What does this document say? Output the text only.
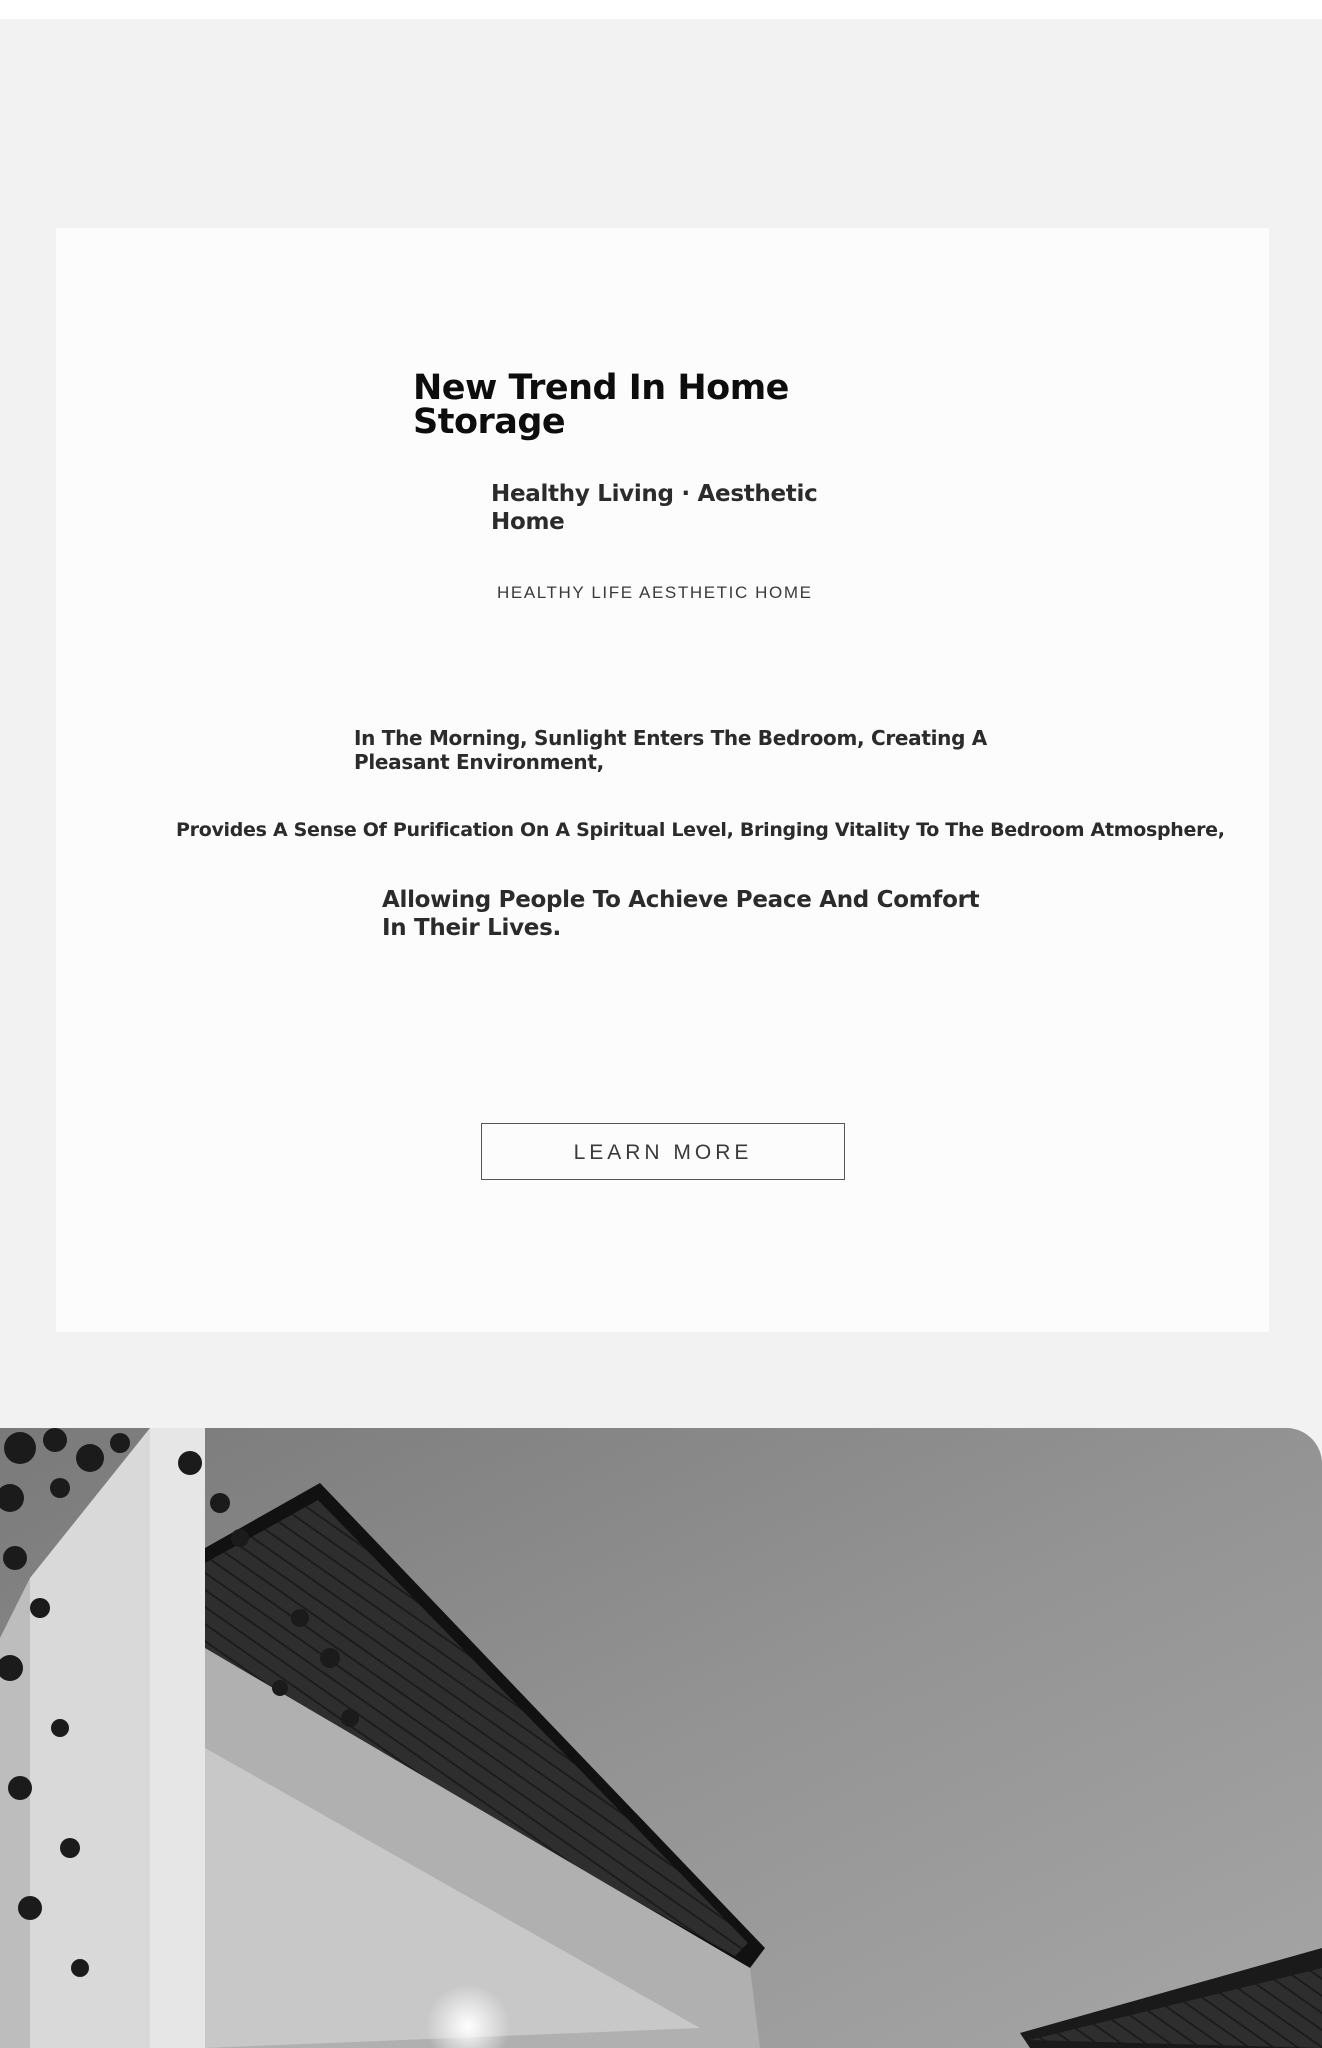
New Trend In Home Storage
Healthy Living · Aesthetic Home

HEALTHY LIFE AESTHETIC HOME

In The Morning, Sunlight Enters The Bedroom, Creating A Pleasant Environment,

Provides A Sense Of Purification On A Spiritual Level, Bringing Vitality To The Bedroom Atmosphere,

Allowing People To Achieve Peace And Comfort In Their Lives.

LEARN MORE
